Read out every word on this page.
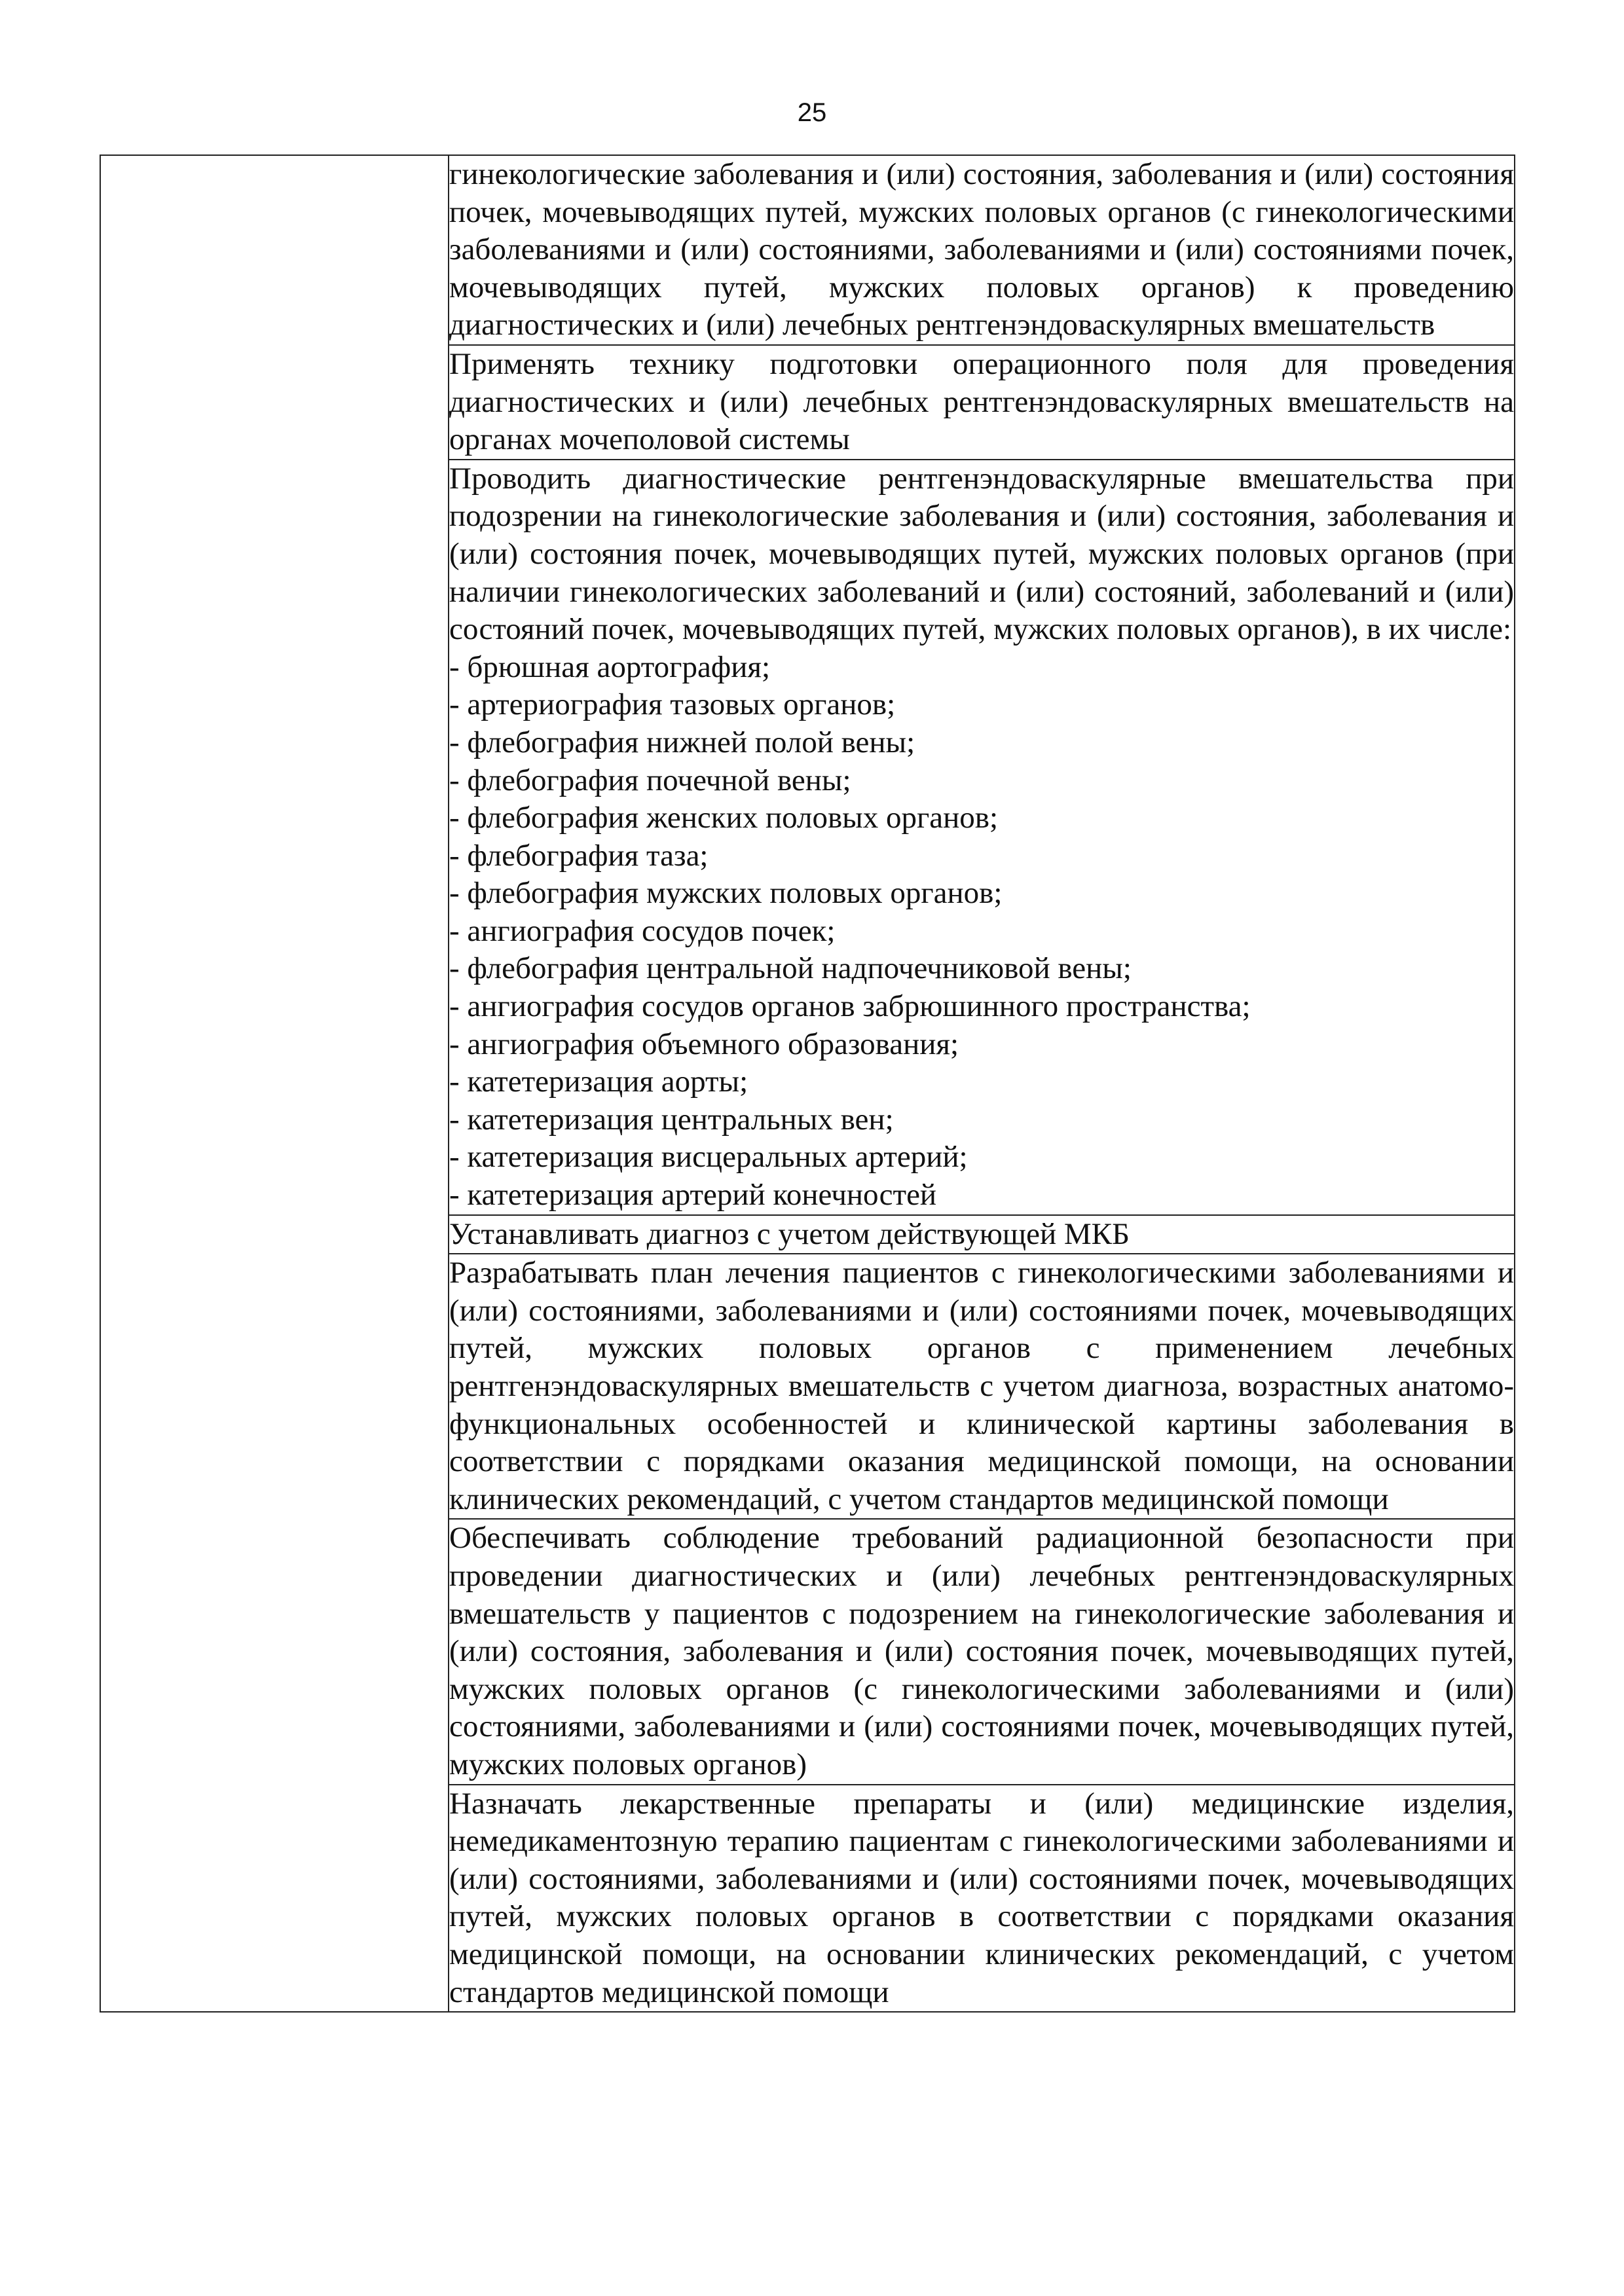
25

гинекологические заболевания и (или) состояния, заболевания и (или) состояния почек, мочевыводящих путей, мужских половых органов (с гинекологическими заболеваниями и (или) состояниями, заболеваниями и (или) состояниями почек, мочевыводящих путей, мужских половых органов) к проведению диагностических и (или) лечебных рентгенэндоваскулярных вмешательств

Применять технику подготовки операционного поля для проведения диагностических и (или) лечебных рентгенэндоваскулярных вмешательств на органах мочеполовой системы

Проводить диагностические рентгенэндоваскулярные вмешательства при подозрении на гинекологические заболевания и (или) состояния, заболевания и (или) состояния почек, мочевыводящих путей, мужских половых органов (при наличии гинекологических заболеваний и (или) состояний, заболеваний и (или) состояний почек, мочевыводящих путей, мужских половых органов), в их числе:

- брюшная аортография;

- артериография тазовых органов;

- флебография нижней полой вены;

- флебография почечной вены;

- флебография женских половых органов;

- флебография таза;

- флебография мужских половых органов;

- ангиография сосудов почек;

- флебография центральной надпочечниковой вены;

- ангиография сосудов органов забрюшинного пространства;

- ангиография объемного образования;

- катетеризация аорты;

- катетеризация центральных вен;

- катетеризация висцеральных артерий;

- катетеризация артерий конечностей

Устанавливать диагноз с учетом действующей МКБ

Разрабатывать план лечения пациентов с гинекологическими заболеваниями и (или) состояниями, заболеваниями и (или) состояниями почек, мочевыводящих путей, мужских половых органов с применением лечебных рентгенэндоваскулярных вмешательств с учетом диагноза, возрастных анатомо-функциональных особенностей и клинической картины заболевания в соответствии с порядками оказания медицинской помощи, на основании клинических рекомендаций, с учетом стандартов медицинской помощи

Обеспечивать соблюдение требований радиационной безопасности при проведении диагностических и (или) лечебных рентгенэндоваскулярных вмешательств у пациентов с подозрением на гинекологические заболевания и (или) состояния, заболевания и (или) состояния почек, мочевыводящих путей, мужских половых органов (с гинекологическими заболеваниями и (или) состояниями, заболеваниями и (или) состояниями почек, мочевыводящих путей, мужских половых органов)

Назначать лекарственные препараты и (или) медицинские изделия, немедикаментозную терапию пациентам с гинекологическими заболеваниями и (или) состояниями, заболеваниями и (или) состояниями почек, мочевыводящих путей, мужских половых органов в соответствии с порядками оказания медицинской помощи, на основании клинических рекомендаций, с учетом стандартов медицинской помощи
